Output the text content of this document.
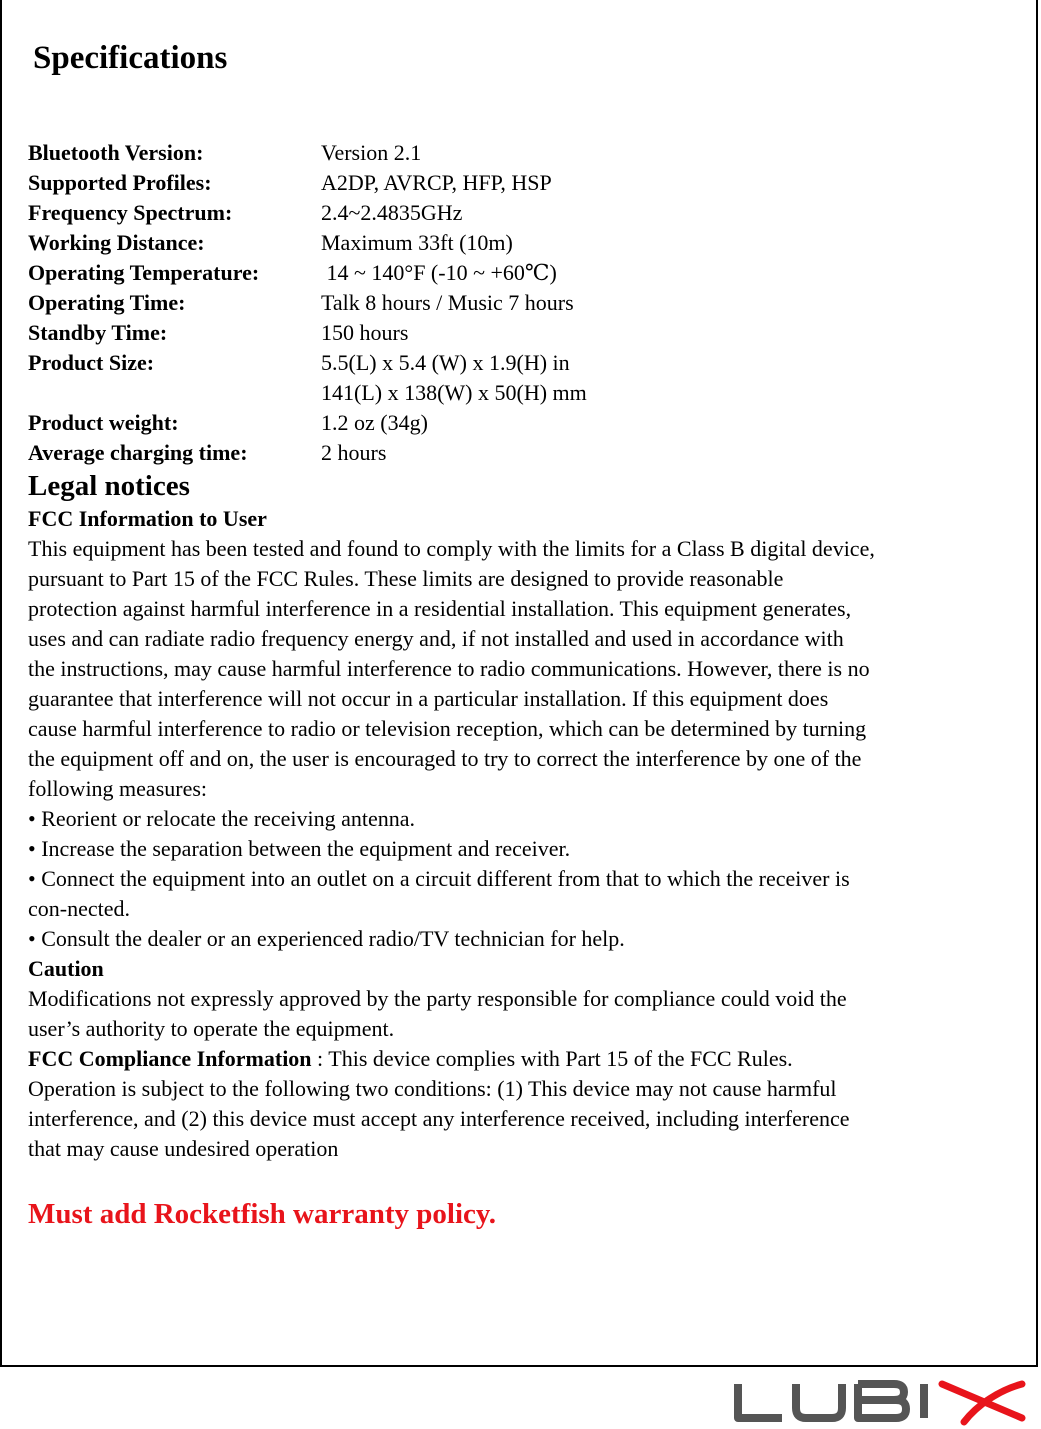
Specifications
Bluetooth Version:	Version 2.1
Supported Profiles:	A2DP, AVRCP, HFP, HSP
Frequency Spectrum:	2.4~2.4835GHz
Working Distance:	Maximum 33ft (10m)
Operating Temperature:	14 ~ 140°F (-10 ~ +60℃)
Operating Time:	Talk 8 hours / Music 7 hours
Standby Time:	150 hours
Product Size:	5.5(L) x 5.4 (W) x 1.9(H) in
141(L) x 138(W) x 50(H) mm
Product weight:	1.2 oz (34g)
Average charging time:	2 hours
Legal notices
FCC Information to User
This equipment has been tested and found to comply with the limits for a Class B digital device,
pursuant to Part 15 of the FCC Rules. These limits are designed to provide reasonable
protection against harmful interference in a residential installation. This equipment generates,
uses and can radiate radio frequency energy and, if not installed and used in accordance with
the instructions, may cause harmful interference to radio communications. However, there is no
guarantee that interference will not occur in a particular installation. If this equipment does
cause harmful interference to radio or television reception, which can be determined by turning
the equipment off and on, the user is encouraged to try to correct the interference by one of the
following measures:
• Reorient or relocate the receiving antenna.
• Increase the separation between the equipment and receiver.
• Connect the equipment into an outlet on a circuit different from that to which the receiver is
con-nected.
• Consult the dealer or an experienced radio/TV technician for help.
Caution
Modifications not expressly approved by the party responsible for compliance could void the
user’s authority to operate the equipment.
FCC Compliance Information : This device complies with Part 15 of the FCC Rules.
Operation is subject to the following two conditions: (1) This device may not cause harmful
interference, and (2) this device must accept any interference received, including interference
that may cause undesired operation
Must add Rocketfish warranty policy.
